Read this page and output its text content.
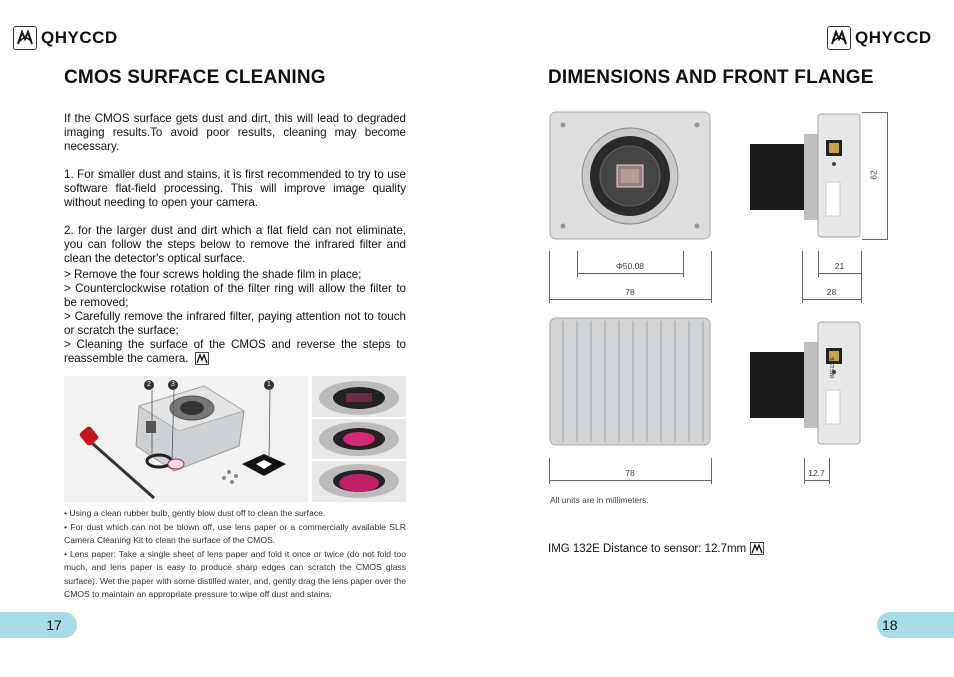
QHYCCD
CMOS SURFACE CLEANING

If the CMOS surface gets dust and dirt, this will lead to degraded imaging results.To avoid poor results, cleaning may become necessary.

1. For smaller dust and stains, it is first recommended to try to use software flat-field processing. This will improve image quality without needing to open your camera.

2. for the larger dust and dirt which a flat field can not eliminate, you can follow the steps below to remove the infrared filter and clean the detector's optical surface.

> Remove the four screws holding the shade film in place;

> Counterclockwise rotation of the filter ring will allow the filter to be removed;

> Carefully remove the infrared filter, paying attention not to touch or scratch the surface;

> Cleaning the surface of the CMOS and reverse the steps to reassemble the camera.

2	3	1

• Using a clean rubber bulb, gently blow dust off to clean the surface.

• For dust which can not be blown off, use lens paper or a commercially available SLR Camera Cleaning Kit to clean the surface of the CMOS.

• Lens paper: Take a single sheet of lens paper and fold it once or twice (do not fold too much, and lens paper is easy to produce sharp edges can scratch the CMOS glass surface). Wet the paper with some distilled water, and, gently drag the lens paper over the CMOS to maintain an appropriate pressure to wipe off dust and stains.

17
QHYCCD
DIMENSIONS AND FRONT FLANGE
62
Φ50.08
78
21
28
IMG132E
78	12.7
All units are in millimeters.
IMG 132E Distance to sensor: 12.7mm
18
